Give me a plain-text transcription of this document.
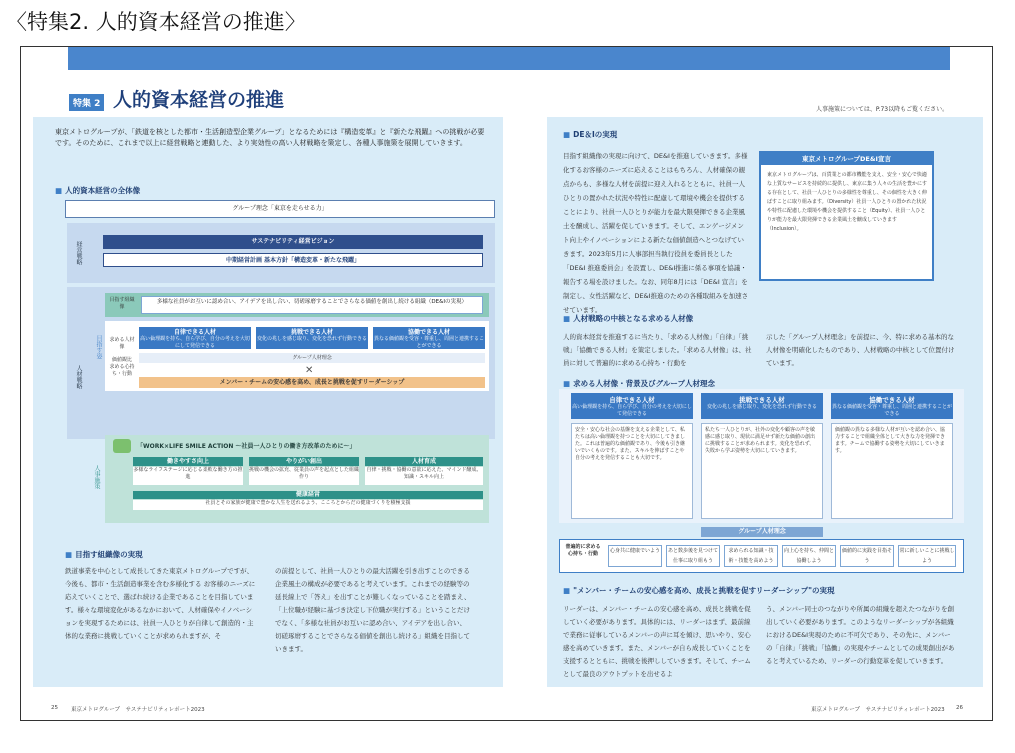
〈特集2. 人的資本経営の推進〉
特集 2 人的資本経営の推進	人事施策については、P.73以降もご覧ください。
東京メトログループが、「鉄道を核とした都市・生活創造型企業グループ」となるためには『構造変革』と『新たな飛躍』への挑戦が必要です。そのために、これまで以上に経営戦略と連動した、より実効性の高い人材戦略を策定し、各種人事施策を展開していきます。
■ 人的資本経営の全体像
グループ理念「東京を走らせる力」
経営戦略	サステナビリティ経営ビジョン
中期経営計画 基本方針「構造変革・新たな飛躍」
人材戦略
目指す姿
目指す組織像
多様な社員がお互いに認め合い、アイデアを出し合い、切磋琢磨することでさらなる価値を創出し続ける組織（DE&Iの実現）
求める人材像
価値観比 求める心持ち・行動
自律できる人材
高い倫理観を持ち、自ら学び、自分の考えを大切にして発信できる
挑戦できる人材
変化の兆しを感じ取り、変化を恐れず行動できる
協働できる人材
異なる価値観を受容・尊重し、周囲と連携することができる
グループ人材理念
✕
メンバー・チームの安心感を高め、成長と挑戦を促すリーダーシップ
人事施策
「WORK×LIFE SMILE ACTION 〜社員一人ひとりの働き方改革のために〜」
働きやすさ向上
多様なライフステージに応じる柔軟な働き方の推進
やりがい創出
挑戦の機会の拡充、従業員の声を起点とした組織作り
人材育成
自律・挑戦・協働の意欲に応えた、マインド醸成、知識・スキル向上
健康経営
社員とその家族が健康で豊かな人生を送れるよう、こころとからだの健康づくりを積極支援
■ 目指す組織像の実現
鉄道事業を中心として成長してきた東京メトログループですが、今後も、都市・生活創造事業を含む多様化する お客様のニーズに応えていくことで、選ばれ続ける企業であることを目指しています。様々な環境変化があるなかにおいて、人材確保やイノベーションを実現するためには、社員一人ひとりが自律して創造的・主体的な業務に挑戦していくことが求められますが、そ
の前提として、社員一人ひとりの最大活躍を引き出すことのできる企業風土の構成が必要であると考えています。これまでの経験等の延長線上で「答え」を出すことが難しくなっていることを踏まえ、「上位職が経験に基づき決定し下位職が実行する」ということだけでなく、「多様な社員がお互いに認め合い、アイデアを出し合い、切磋琢磨することでさらなる価値を創出し続ける」組織を目指していきます。
■ DE＆Iの実現
目指す組織像の実現に向けて、DE&Iを推進していきます。多様化するお客様のニーズに応えることはもちろん、人材確保の観点からも、多様な人材を前提に迎え入れるとともに、社員一人ひとりの置かれた状況や特性に配慮して環境や機会を提供することにより、社員一人ひとりが能力を最大限発揮できる企業風土を醸成し、活躍を促していきます。そして、エンゲージメント向上やイノベーションによる新たな価値創造へとつなげていきます。2023年5月に人事部担当執行役員を委員長とした「DE&I 推進委員会」を設置し、DE&I推進に係る事項を協議・報告する場を設けました。なお、同年8月には「DE&I 宣言」を制定し、女性活躍など、DE&I推進のための各種取組みを加速させています。
東京メトログループDE&I宣言
東京メトログループは、百貨業との都市機能を支え、安全・安心で快適な上質なサービスを持続的に提供し、東京に集う人々の生活を豊かにする存在として、社員一人ひとりの多様性を尊重し、その個性を大きく伸ばすことに取り組みます。（Diversity）社員一人ひとりの置かれた状況や特性に配慮した環境や機会を提供すること（Equity）、社員一人ひとりが能力を最大限発揮できる企業風土を醸成していきます（Inclusion）。
■ 人材戦略の中核となる求める人材像
人的資本経営を推進するに当たり、「求める人材像」「自律」「挑戦」「協働できる人材」を策定しました。「求める人材像」は、社員に対して普遍的に求める心持ち・行動を
示した「グループ人材理念」を前提に、今、特に求める基本的な人材像を明確化したものであり、人材戦略の中核として位置付けています。
■ 求める人材像・背景及びグループ人材理念
自律できる人材
高い倫理観を持ち、自ら学び、自分の考えを大切にして発信できる
安全・安心な社会の基盤を支える企業として、私たちは高い倫理観を持つことを大切にしてきました。これは普遍的な価値観であり、今後も引き継いでいくものです。また、スキルを伸ばすことや自分の考えを発信することも大切です。
挑戦できる人材
変化の兆しを感じ取り、変化を恐れず行動できる
私たち一人ひとりが、社外の変化や顧客の声を敏感に感じ取り、現状に満足せず新たな価値の創出に挑戦することが求められます。変化を恐れず、失敗から学ぶ姿勢を大切にしていきます。
協働できる人材
異なる価値観を受容・尊重し、周囲と連携することができる
価値観の異なる多様な人材が互いを認め合い、協力することで組織全体として大きな力を発揮できます。チームで協働する姿勢を大切にしていきます。
グループ人材理念
普遍的に求める心持ち・行動	心身共に健康でいよう	あと数歩後を見つけて仕事に取り組もう
求められる知識・技術・技能を高めよう
向上心を持ち、仲間と協働しよう
価値的に実践を目指そう
常に新しいことに挑戦しよう
■ "メンバー・チームの安心感を高め、成長と挑戦を促すリーダーシップ"の実現
リーダーは、メンバー・チームの安心感を高め、成長と挑戦を促していく必要があります。具体的には、リーダーはまず、最前線で業務に従事しているメンバーの声に耳を傾け、思いやり、安心感を高めていきます。また、メンバーが自ら成長していくことを支援するとともに、挑戦を後押ししていきます。そして、チームとして最良のアウトプットを出せるよ
う、メンバー同士のつながりや所属の組織を超えたつながりを創出していく必要があります。このようなリーダーシップが各組織におけるDE&I実現のために不可欠であり、その先に、メンバーの「自律」「挑戦」「協働」の実現やチームとしての成果創出があると考えているため、リーダーの行動変革を促していきます。
25 東京メトログループ　サステナビリティレポート2023	東京メトログループ　サステナビリティレポート2023 26
